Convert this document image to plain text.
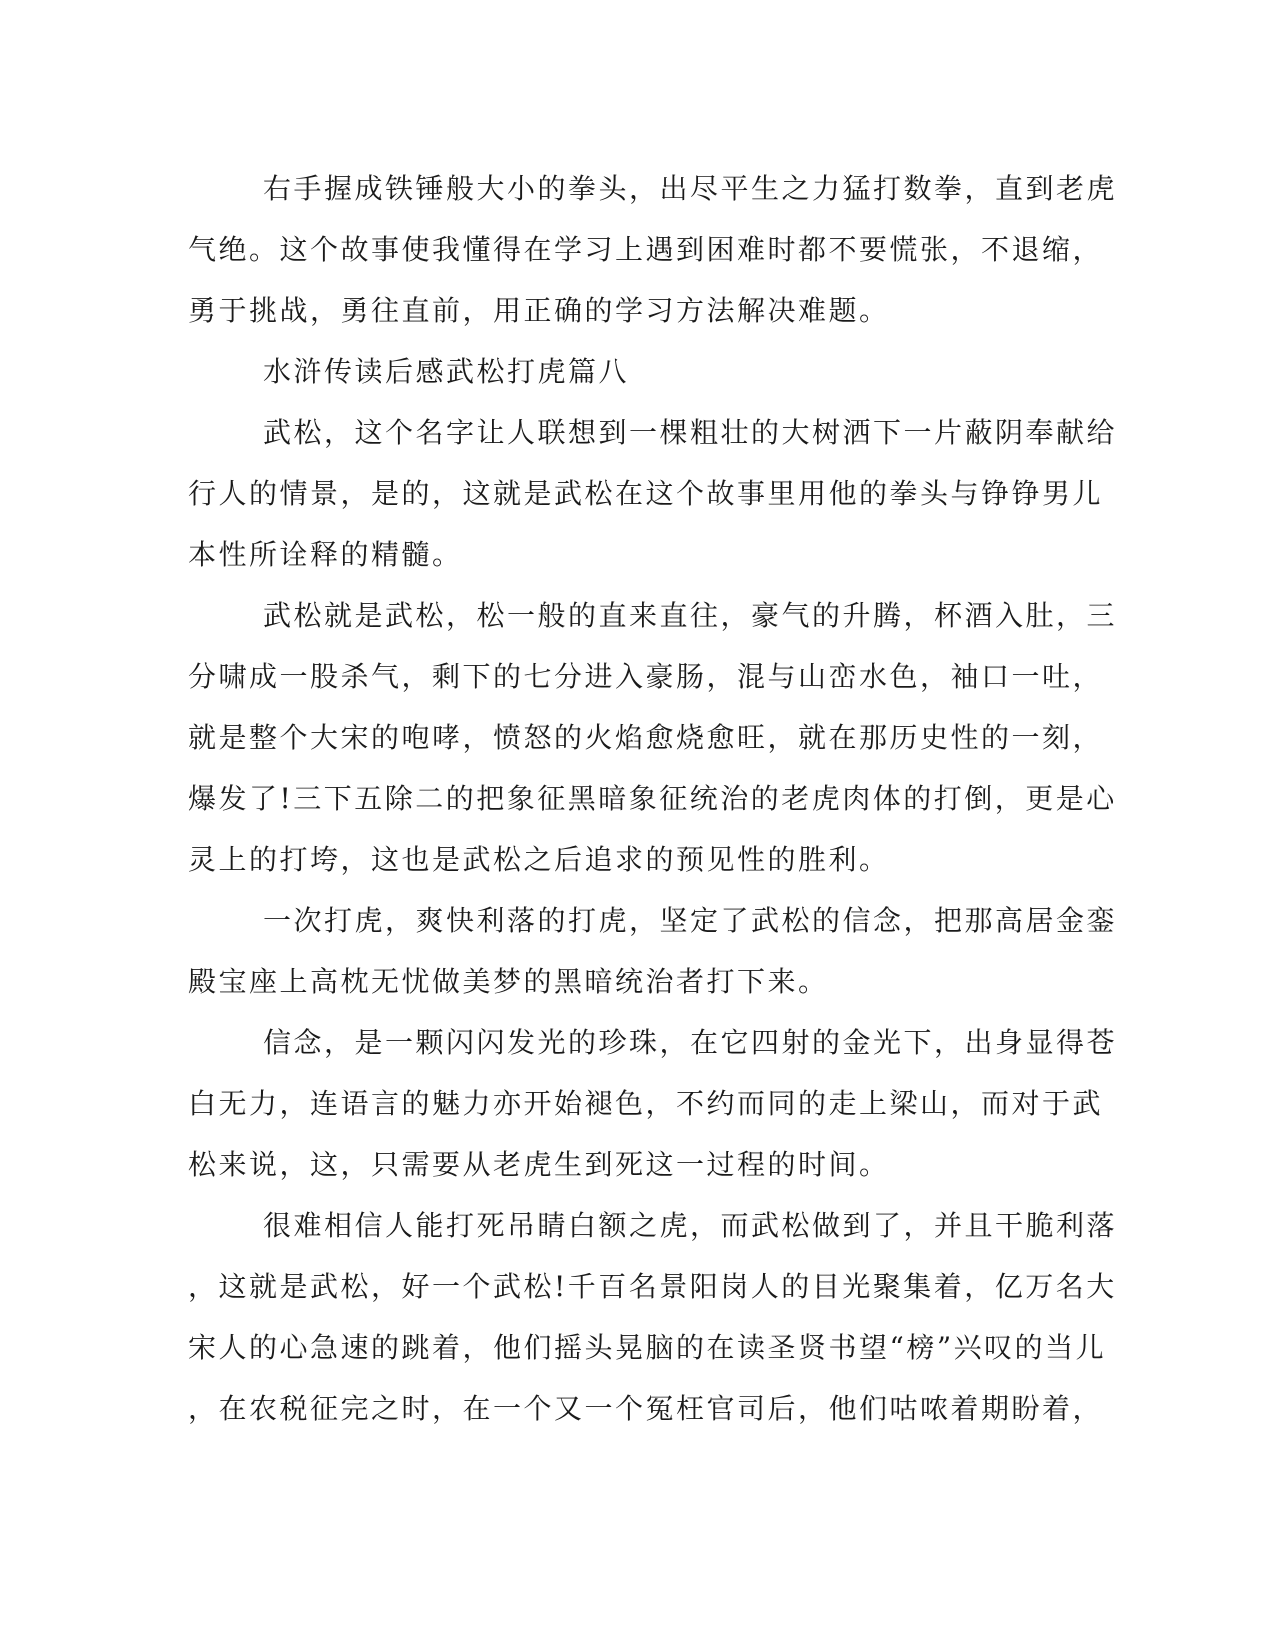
右手握成铁锤般大小的拳头，出尽平生之力猛打数拳，直到老虎
气绝。这个故事使我懂得在学习上遇到困难时都不要慌张，不退缩，
勇于挑战，勇往直前，用正确的学习方法解决难题。
水浒传读后感武松打虎篇八
武松，这个名字让人联想到一棵粗壮的大树洒下一片蔽阴奉献给
行人的情景，是的，这就是武松在这个故事里用他的拳头与铮铮男儿
本性所诠释的精髓。
武松就是武松，松一般的直来直往，豪气的升腾，杯酒入肚，三
分啸成一股杀气，剩下的七分进入豪肠，混与山峦水色，袖口一吐，
就是整个大宋的咆哮，愤怒的火焰愈烧愈旺，就在那历史性的一刻，
爆发了!三下五除二的把象征黑暗象征统治的老虎肉体的打倒，更是心
灵上的打垮，这也是武松之后追求的预见性的胜利。
一次打虎，爽快利落的打虎，坚定了武松的信念，把那高居金銮
殿宝座上高枕无忧做美梦的黑暗统治者打下来。
信念，是一颗闪闪发光的珍珠，在它四射的金光下，出身显得苍
白无力，连语言的魅力亦开始褪色，不约而同的走上梁山，而对于武
松来说，这，只需要从老虎生到死这一过程的时间。
很难相信人能打死吊睛白额之虎，而武松做到了，并且干脆利落
，这就是武松，好一个武松!千百名景阳岗人的目光聚集着，亿万名大
宋人的心急速的跳着，他们摇头晃脑的在读圣贤书望“榜”兴叹的当儿
，在农税征完之时，在一个又一个冤枉官司后，他们咕哝着期盼着，
